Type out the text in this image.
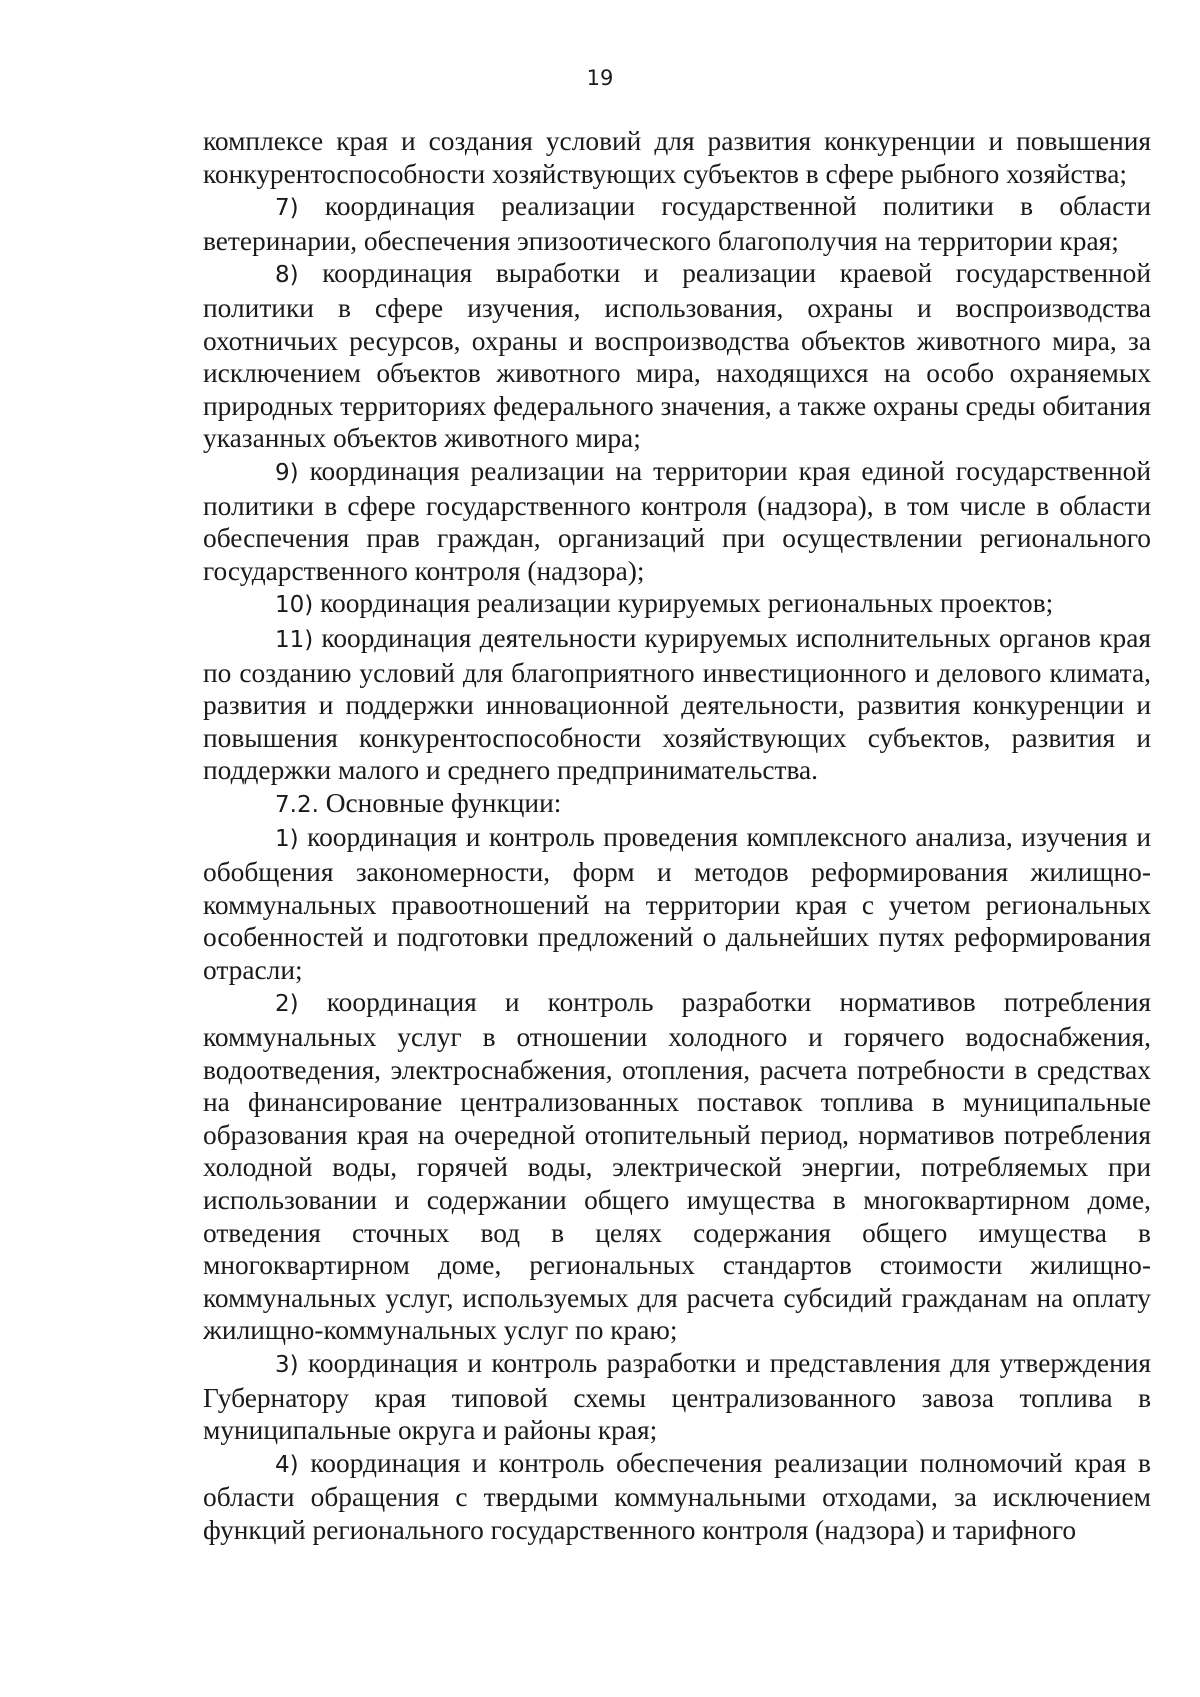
19

комплексе края и создания условий для развития конкуренции и повышения конкурентоспособности хозяйствующих субъектов в сфере рыбного хозяйства;

7) координация реализации государственной политики в области ветеринарии, обеспечения эпизоотического благополучия на территории края;

8) координация выработки и реализации краевой государственной политики в сфере изучения, использования, охраны и воспроизводства охотничьих ресурсов, охраны и воспроизводства объектов животного мира, за исключением объектов животного мира, находящихся на особо охраняемых природных территориях федерального значения, а также охраны среды обитания указанных объектов животного мира;

9) координация реализации на территории края единой государственной политики в сфере государственного контроля (надзора), в том числе в области обеспечения прав граждан, организаций при осуществлении регионального государственного контроля (надзора);

10) координация реализации курируемых региональных проектов;

11) координация деятельности курируемых исполнительных органов края по созданию условий для благоприятного инвестиционного и делового климата, развития и поддержки инновационной деятельности, развития конкуренции и повышения конкурентоспособности хозяйствующих субъектов, развития и поддержки малого и среднего предпринимательства.

7.2. Основные функции:

1) координация и контроль проведения комплексного анализа, изучения и обобщения закономерности, форм и методов реформирования жилищно-коммунальных правоотношений на территории края с учетом региональных особенностей и подготовки предложений о дальнейших путях реформирования отрасли;

2) координация и контроль разработки нормативов потребления коммунальных услуг в отношении холодного и горячего водоснабжения, водоотведения, электроснабжения, отопления, расчета потребности в средствах на финансирование централизованных поставок топлива в муниципальные образования края на очередной отопительный период, нормативов потребления холодной воды, горячей воды, электрической энергии, потребляемых при использовании и содержании общего имущества в многоквартирном доме, отведения сточных вод в целях содержания общего имущества в многоквартирном доме, региональных стандартов стоимости жилищно-коммунальных услуг, используемых для расчета субсидий гражданам на оплату жилищно-коммунальных услуг по краю;

3) координация и контроль разработки и представления для утверждения Губернатору края типовой схемы централизованного завоза топлива в муниципальные округа и районы края;

4) координация и контроль обеспечения реализации полномочий края в области обращения с твердыми коммунальными отходами, за исключением функций регионального государственного контроля (надзора) и тарифного
